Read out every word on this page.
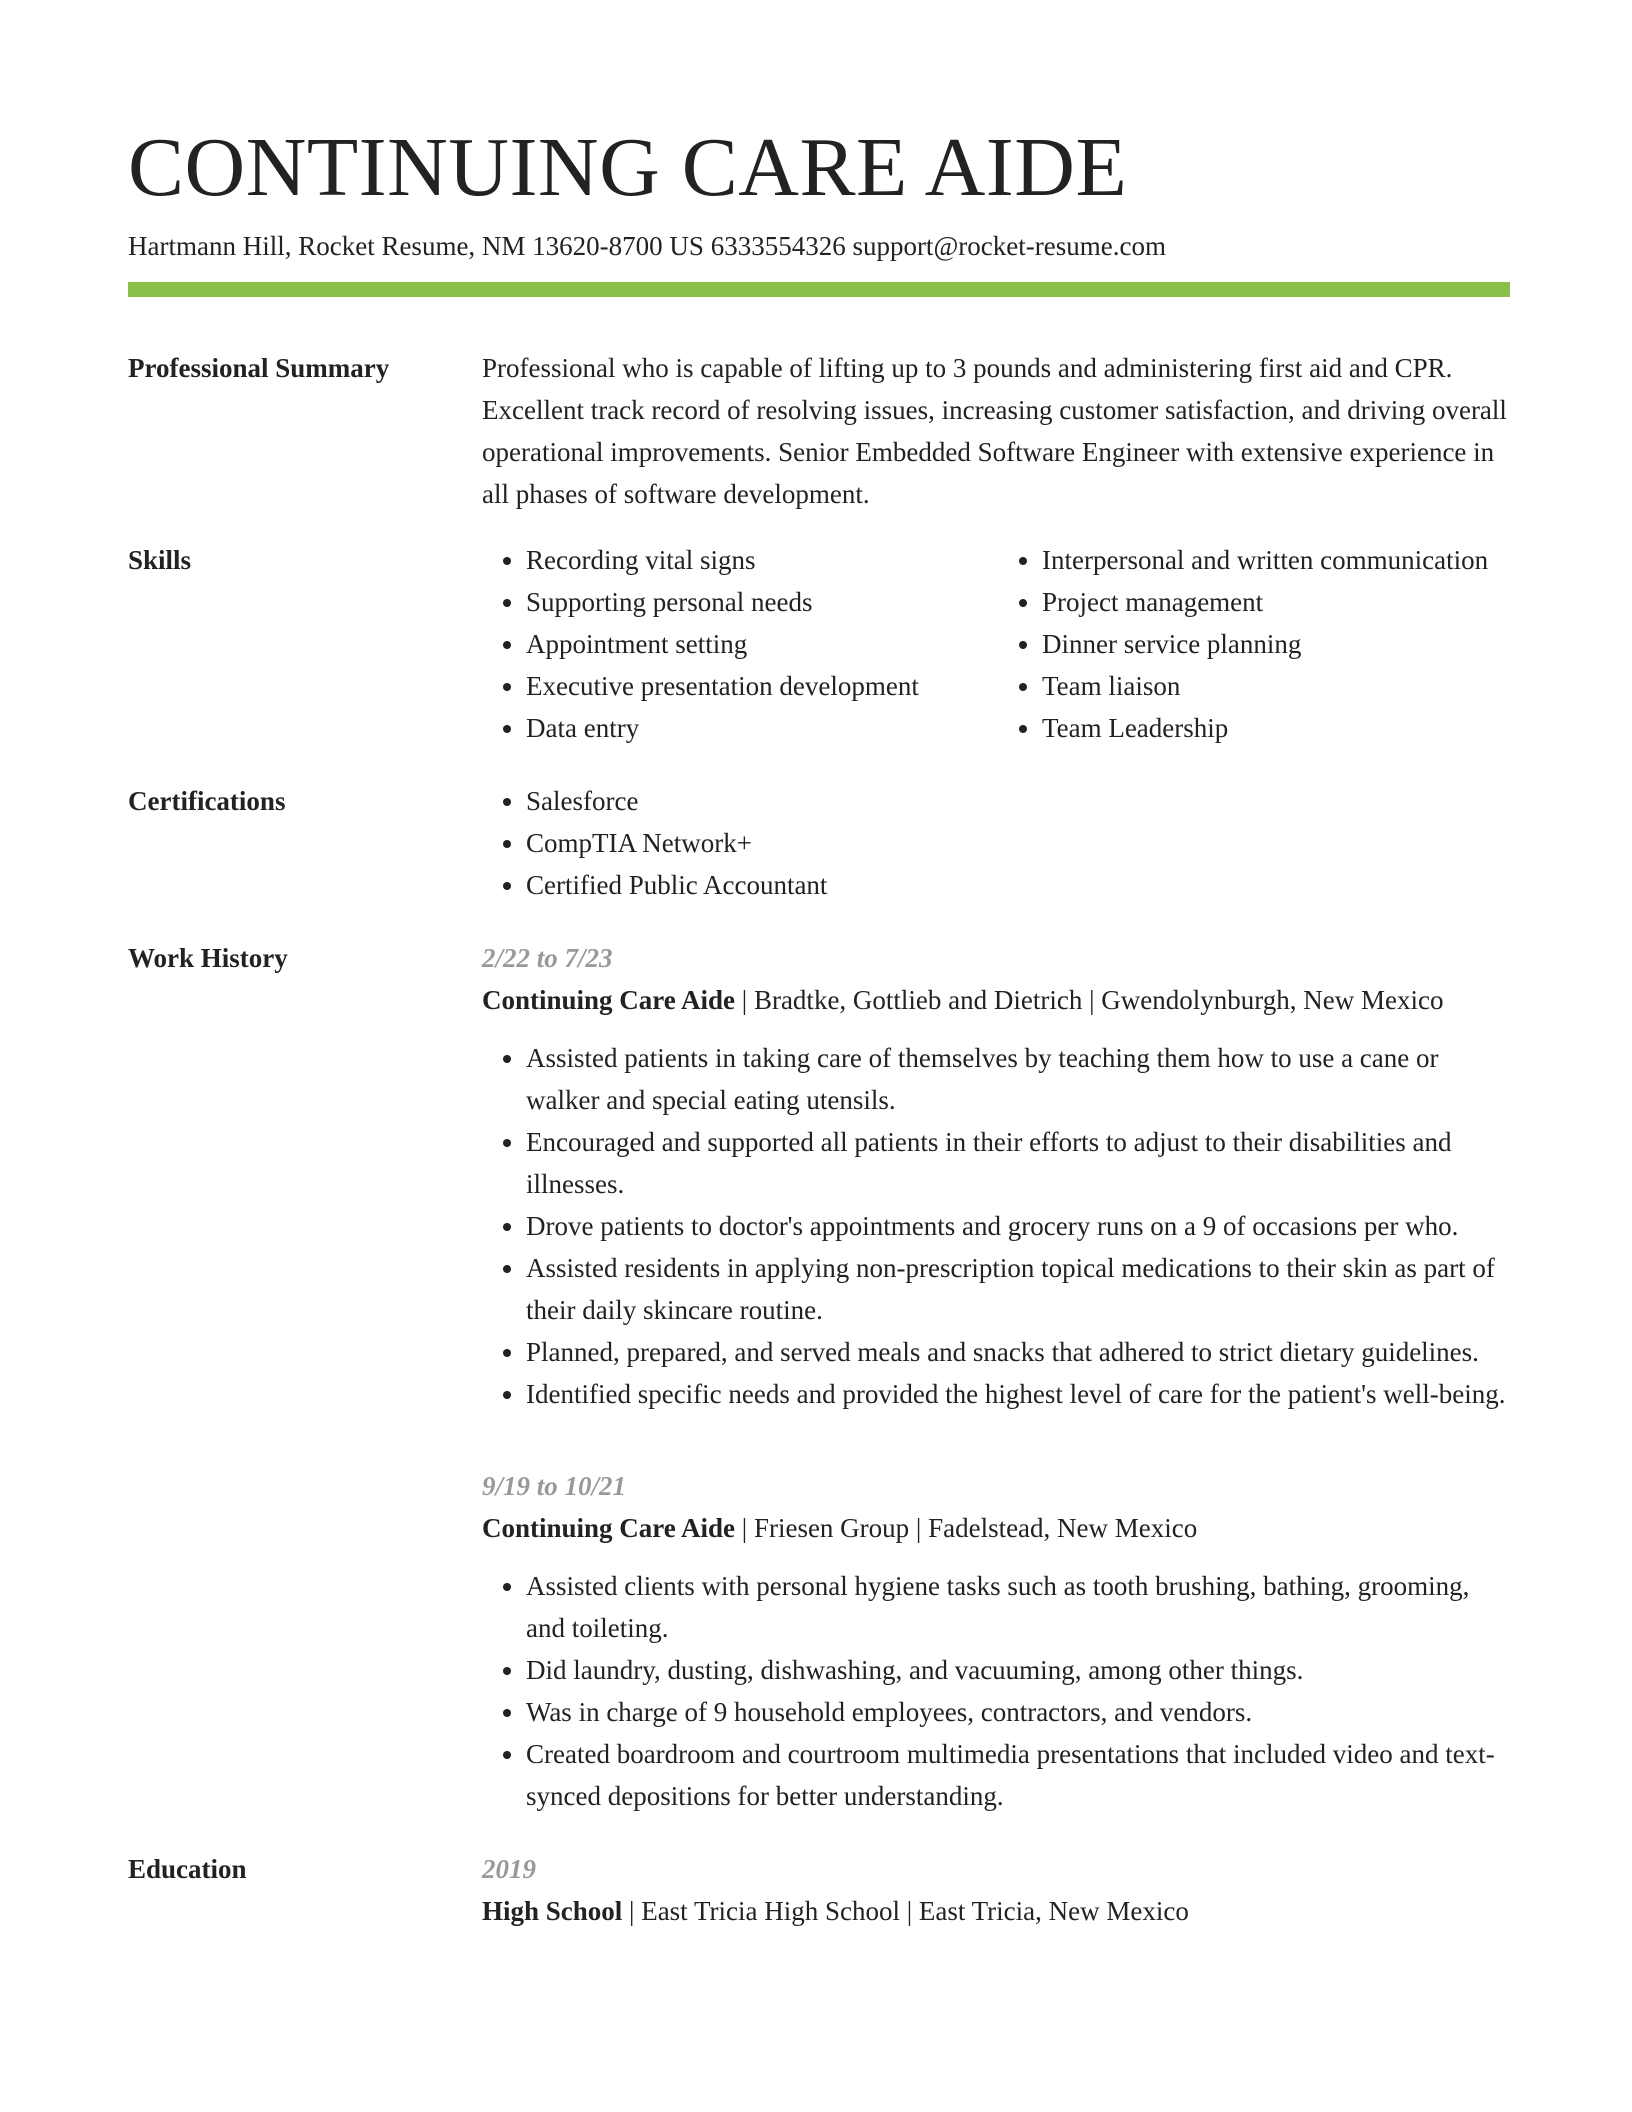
CONTINUING CARE AIDE
Hartmann Hill, Rocket Resume, NM 13620-8700 US 6333554326 support@rocket-resume.com
Professional Summary	Professional who is capable of lifting up to 3 pounds and administering first aid and CPR. Excellent track record of resolving issues, increasing customer satisfaction, and driving overall operational improvements. Senior Embedded Software Engineer with extensive experience in all phases of software development.

Skills	• Recording vital signs
• Supporting personal needs
• Appointment setting
• Executive presentation development
• Data entry
• Interpersonal and written communication
• Project management
• Dinner service planning
• Team liaison
• Team Leadership
Certifications	• Salesforce
• CompTIA Network+
• Certified Public Accountant
Work History	2/22 to 7/23

Continuing Care Aide | Bradtke, Gottlieb and Dietrich | Gwendolynburgh, New Mexico

• Assisted patients in taking care of themselves by teaching them how to use a cane or walker and special eating utensils.
• Encouraged and supported all patients in their efforts to adjust to their disabilities and illnesses.
• Drove patients to doctor's appointments and grocery runs on a 9 of occasions per who.
• Assisted residents in applying non-prescription topical medications to their skin as part of their daily skincare routine.
• Planned, prepared, and served meals and snacks that adhered to strict dietary guidelines.
• Identified specific needs and provided the highest level of care for the patient's well-being.
9/19 to 10/21

Continuing Care Aide | Friesen Group | Fadelstead, New Mexico

• Assisted clients with personal hygiene tasks such as tooth brushing, bathing, grooming, and toileting.
• Did laundry, dusting, dishwashing, and vacuuming, among other things.
• Was in charge of 9 household employees, contractors, and vendors.
• Created boardroom and courtroom multimedia presentations that included video and text-synced depositions for better understanding.
Education	2019

High School | East Tricia High School | East Tricia, New Mexico
